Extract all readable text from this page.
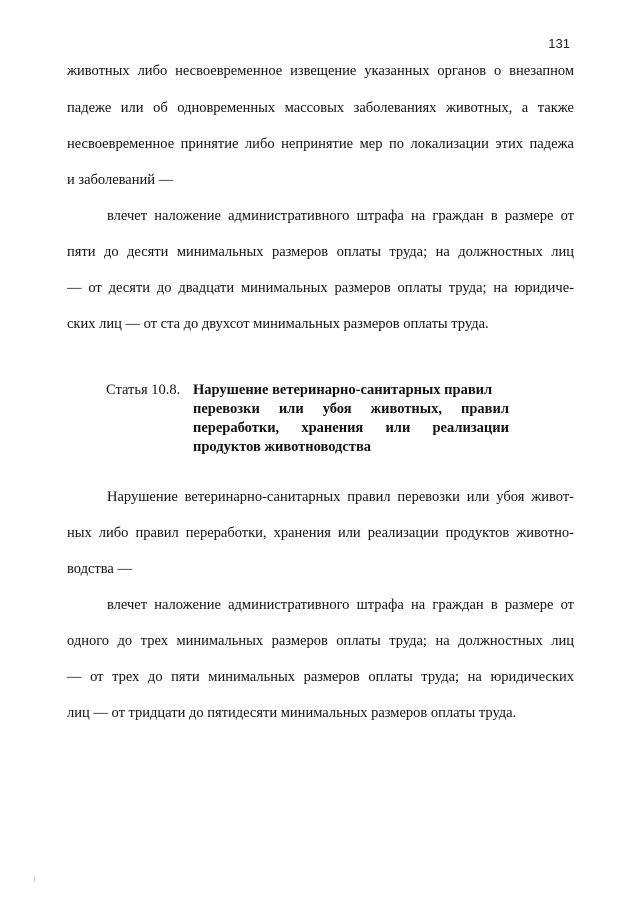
131
животных либо несвоевременное извещение указанных органов о внезапном
падеже или об одновременных массовых заболеваниях животных, а также
несвоевременное принятие либо непринятие мер по локализации этих падежа
и заболеваний —
влечет наложение административного штрафа на граждан в размере от
пяти до десяти минимальных размеров оплаты труда; на должностных лиц
— от десяти до двадцати минимальных размеров оплаты труда; на юридиче-
ских лиц — от ста до двухсот минимальных размеров оплаты труда.
Статья 10.8. Нарушение ветеринарно-санитарных правил
перевозки или убоя животных, правил
переработки, хранения или реализации
продуктов животноводства
Нарушение ветеринарно-санитарных правил перевозки или убоя живот-
ных либо правил переработки, хранения или реализации продуктов животно-
водства —
влечет наложение административного штрафа на граждан в размере от
одного до трех минимальных размеров оплаты труда; на должностных лиц
— от трех до пяти минимальных размеров оплаты труда; на юридических
лиц — от тридцати до пятидесяти минимальных размеров оплаты труда.
